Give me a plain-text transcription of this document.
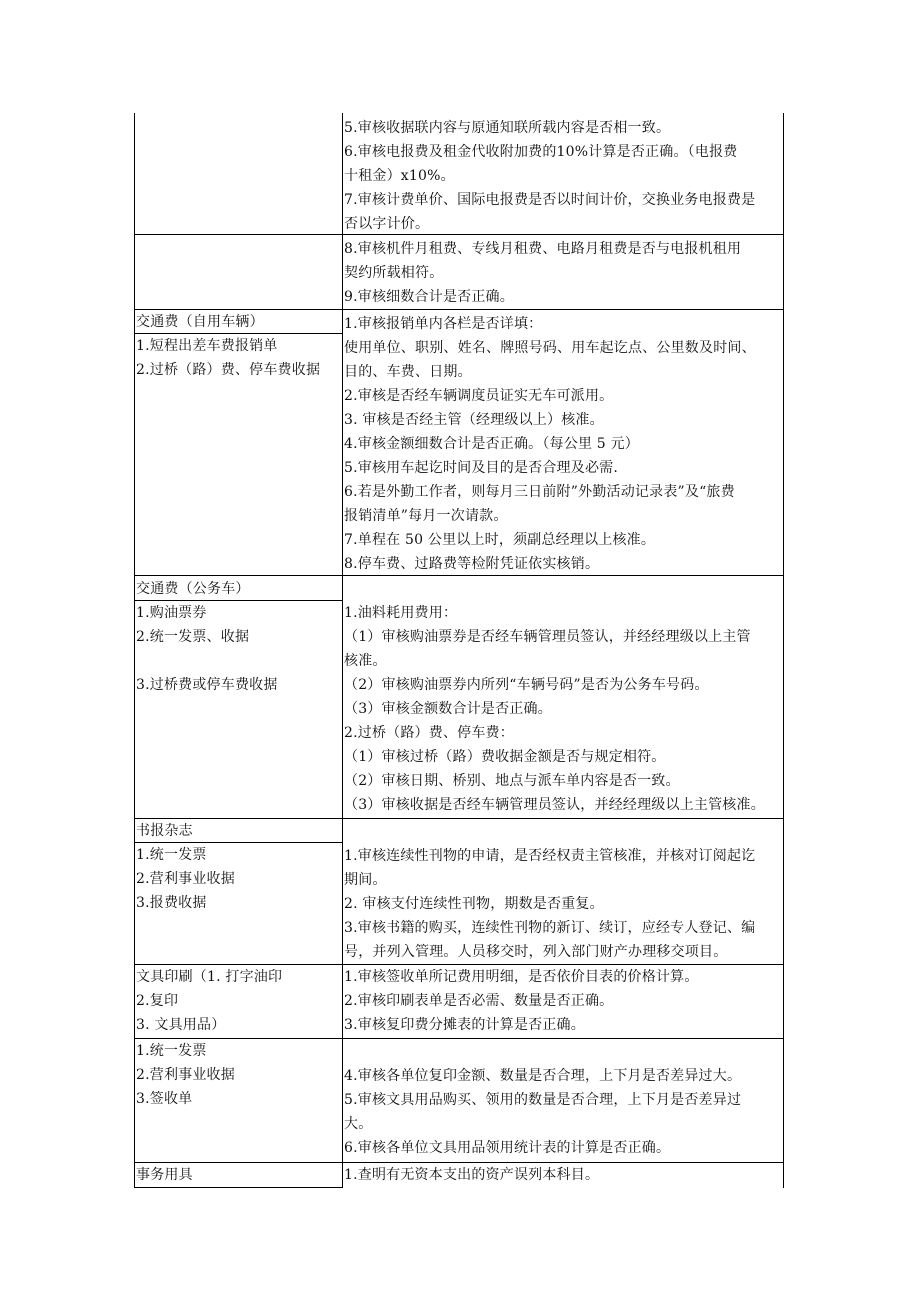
5.审核收据联内容与原通知联所载内容是否相一致。
6.审核电报费及租金代收附加费的10%计算是否正确。（电报费
十租金）x10%。
7.审核计费单价、国际电报费是否以时间计价，交换业务电报费是
否以字计价。
8.审核机件月租费、专线月租费、电路月租费是否与电报机租用
契约所载相符。
9.审核细数合计是否正确。
交通费（自用车辆）
1.短程出差车费报销单
2.过桥（路）费、停车费收据
1.审核报销单内各栏是否详填：
使用单位、职别、姓名、牌照号码、用车起讫点、公里数及时间、
目的、车费、日期。
2.审核是否经车辆调度员证实无车可派用。
3. 审核是否经主管（经理级以上）核准。
4.审核金额细数合计是否正确。（每公里 5 元）
5.审核用车起讫时间及目的是否合理及必需.
6.若是外勤工作者，则每月三日前附”外勤活动记录表”及“旅费
报销清单”每月一次请款。
7.单程在 50 公里以上时，须副总经理以上核准。
8.停车费、过路费等检附凭证依实核销。
交通费（公务车）
1.购油票券
2.统一发票、收据
3.过桥费或停车费收据
1.油料耗用费用：
（1）审核购油票券是否经车辆管理员签认，并经经理级以上主管
核准。
（2）审核购油票券内所列“车辆号码”是否为公务车号码。
（3）审核金额数合计是否正确。
2.过桥（路）费、停车费：
（1）审核过桥（路）费收据金额是否与规定相符。
（2）审核日期、桥别、地点与派车单内容是否一致。
（3）审核收据是否经车辆管理员签认，并经经理级以上主管核准。
书报杂志
1.统一发票
2.营利事业收据
3.报费收据
1.审核连续性刊物的申请，是否经权责主管核准，并核对订阅起讫
期间。
2. 审核支付连续性刊物，期数是否重复。
3.审核书籍的购买，连续性刊物的新订、续订，应经专人登记、编
号，并列入管理。人员移交时，列入部门财产办理移交项目。
文具印刷（1. 打字油印
2.复印
3. 文具用品）
1.审核签收单所记费用明细，是否依价目表的价格计算。
2.审核印刷表单是否必需、数量是否正确。
3.审核复印费分摊表的计算是否正确。
1.统一发票
2.营利事业收据
3.签收单
4.审核各单位复印金额、数量是否合理，上下月是否差异过大。
5.审核文具用品购买、领用的数量是否合理，上下月是否差异过
大。
6.审核各单位文具用品领用统计表的计算是否正确。
事务用具	1.查明有无资本支出的资产误列本科目。
